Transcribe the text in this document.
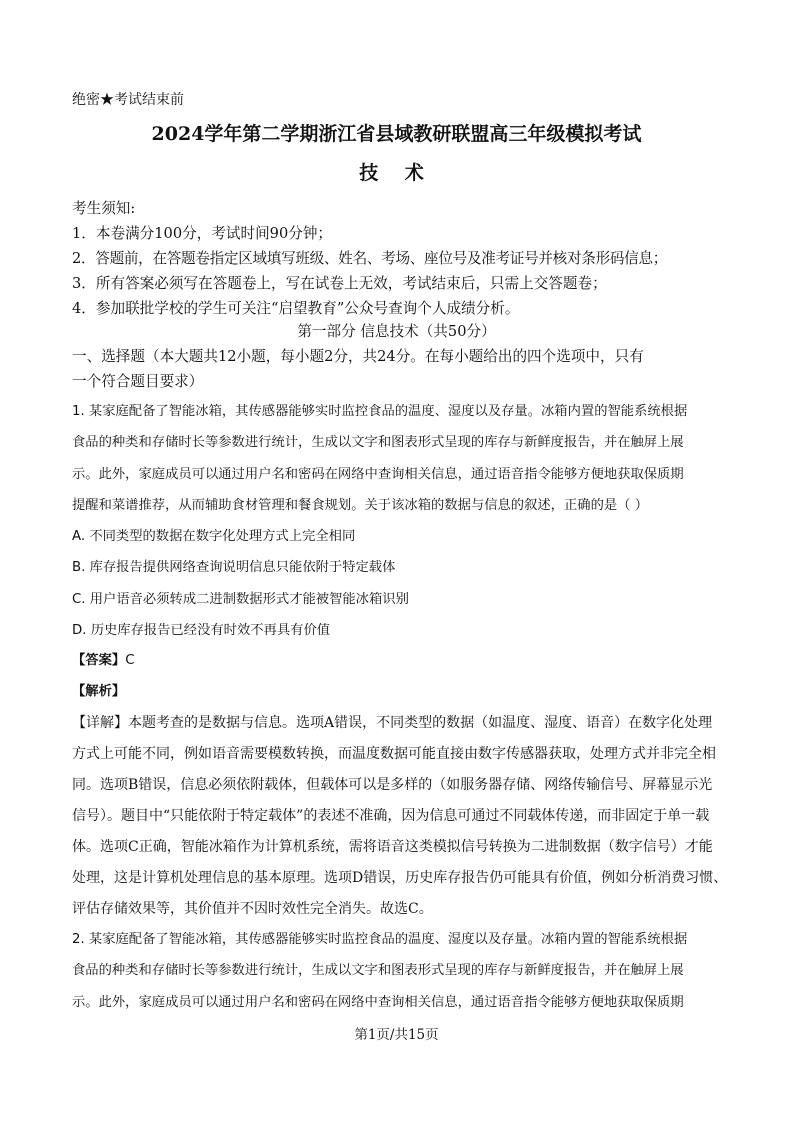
绝密★考试结束前
2024学年第二学期浙江省县域教研联盟高三年级模拟考试
技 术
考生须知:
1．本卷满分100分，考试时间90分钟；
2．答题前，在答题卷指定区域填写班级、姓名、考场、座位号及准考证号并核对条形码信息；
3．所有答案必须写在答题卷上，写在试卷上无效，考试结束后，只需上交答题卷；
4．参加联批学校的学生可关注“启望教育”公众号查询个人成绩分析。
第一部分 信息技术（共50分）
一、选择题（本大题共12小题，每小题2分，共24分。在每小题给出的四个选项中，只有
一个符合题目要求）
1. 某家庭配备了智能冰箱，其传感器能够实时监控食品的温度、湿度以及存量。冰箱内置的智能系统根据
食品的种类和存储时长等参数进行统计，生成以文字和图表形式呈现的库存与新鲜度报告，并在触屏上展
示。此外，家庭成员可以通过用户名和密码在网络中查询相关信息，通过语音指令能够方便地获取保质期
提醒和菜谱推荐，从而辅助食材管理和餐食规划。关于该冰箱的数据与信息的叙述，正确的是（ ）
A. 不同类型的数据在数字化处理方式上完全相同
B. 库存报告提供网络查询说明信息只能依附于特定载体
C. 用户语音必须转成二进制数据形式才能被智能冰箱识别
D. 历史库存报告已经没有时效不再具有价值
【答案】C
【解析】
【详解】本题考查的是数据与信息。选项A错误，不同类型的数据（如温度、湿度、语音）在数字化处理
方式上可能不同，例如语音需要模数转换，而温度数据可能直接由数字传感器获取，处理方式并非完全相
同。选项B错误，信息必须依附载体，但载体可以是多样的（如服务器存储、网络传输信号、屏幕显示光
信号）。题目中“只能依附于特定载体”的表述不准确，因为信息可通过不同载体传递，而非固定于单一载
体。选项C正确，智能冰箱作为计算机系统，需将语音这类模拟信号转换为二进制数据（数字信号）才能
处理，这是计算机处理信息的基本原理。选项D错误，历史库存报告仍可能具有价值，例如分析消费习惯、
评估存储效果等，其价值并不因时效性完全消失。故选C。
2. 某家庭配备了智能冰箱，其传感器能够实时监控食品的温度、湿度以及存量。冰箱内置的智能系统根据
食品的种类和存储时长等参数进行统计，生成以文字和图表形式呈现的库存与新鲜度报告，并在触屏上展
示。此外，家庭成员可以通过用户名和密码在网络中查询相关信息，通过语音指令能够方便地获取保质期
第1页/共15页
